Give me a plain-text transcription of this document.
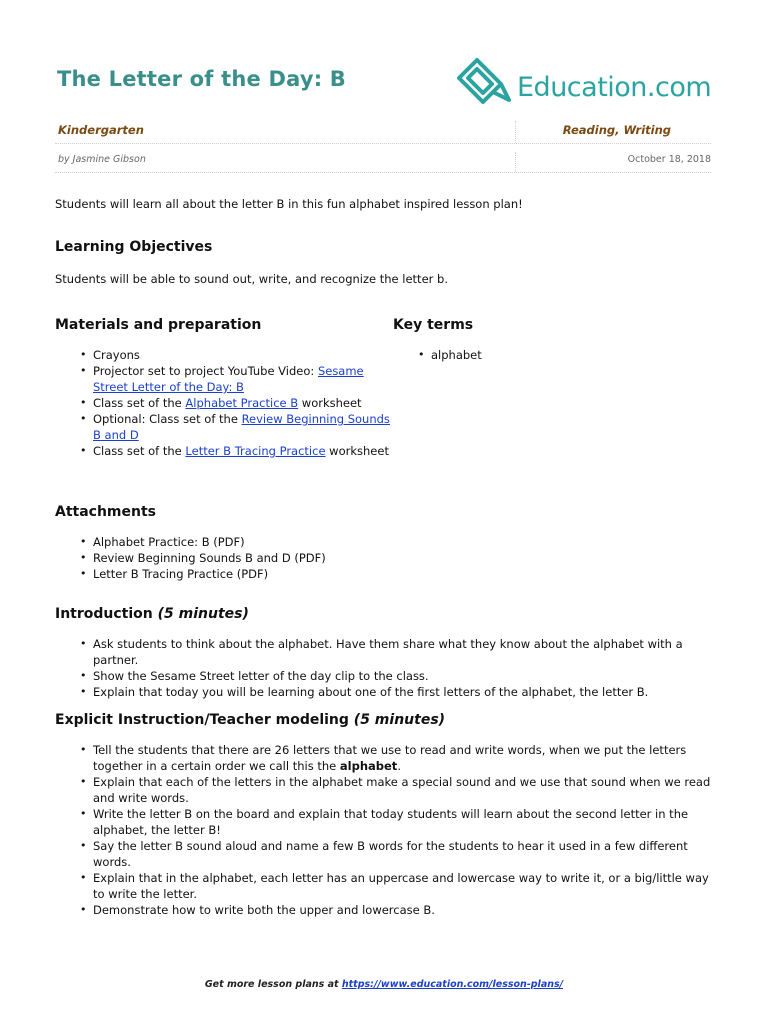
The Letter of the Day: B	Education.com
Kindergarten	Reading, Writing
by Jasmine Gibson	October 18, 2018
Students will learn all about the letter B in this fun alphabet inspired lesson plan!
Learning Objectives
Students will be able to sound out, write, and recognize the letter b.
Materials and preparation
• Crayons
• Projector set to project YouTube Video: Sesame Street Letter of the Day: B
• Class set of the Alphabet Practice B worksheet
• Optional: Class set of the Review Beginning Sounds B and D
• Class set of the Letter B Tracing Practice worksheet
Key terms
• alphabet
Attachments
• Alphabet Practice: B (PDF)
• Review Beginning Sounds B and D (PDF)
• Letter B Tracing Practice (PDF)
Introduction (5 minutes)
• Ask students to think about the alphabet. Have them share what they know about the alphabet with a partner.
• Show the Sesame Street letter of the day clip to the class.
• Explain that today you will be learning about one of the first letters of the alphabet, the letter B.
Explicit Instruction/Teacher modeling (5 minutes)
• Tell the students that there are 26 letters that we use to read and write words, when we put the letters together in a certain order we call this the alphabet.
• Explain that each of the letters in the alphabet make a special sound and we use that sound when we read and write words.
• Write the letter B on the board and explain that today students will learn about the second letter in the alphabet, the letter B!
• Say the letter B sound aloud and name a few B words for the students to hear it used in a few different words.
• Explain that in the alphabet, each letter has an uppercase and lowercase way to write it, or a big/little way to write the letter.
• Demonstrate how to write both the upper and lowercase B.
Get more lesson plans at https://www.education.com/lesson-plans/
